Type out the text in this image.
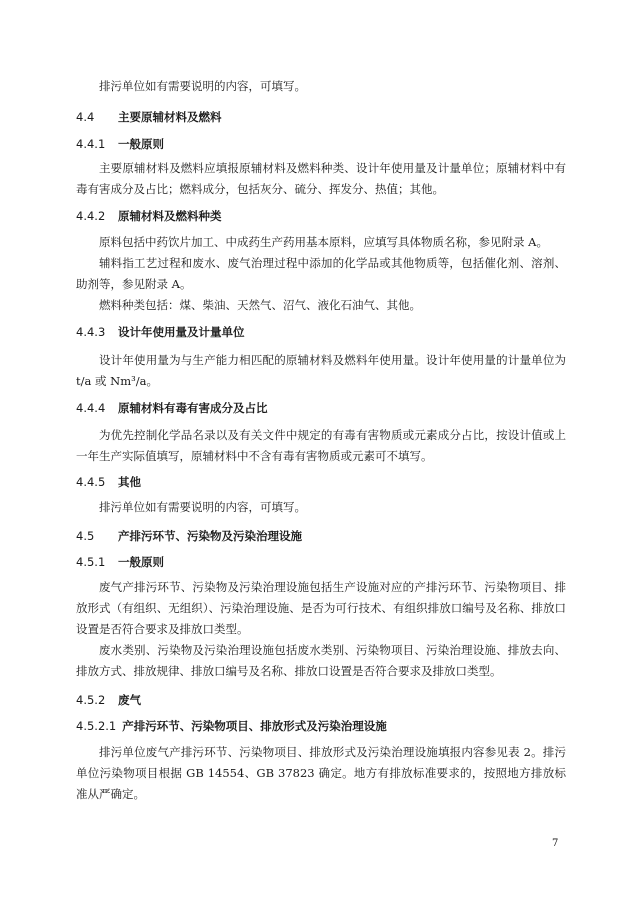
排污单位如有需要说明的内容，可填写。
4.4 主要原辅材料及燃料
4.4.1 一般原则
主要原辅材料及燃料应填报原辅材料及燃料种类、设计年使用量及计量单位；原辅材料中有毒有害成分及占比；燃料成分，包括灰分、硫分、挥发分、热值；其他。
4.4.2 原辅材料及燃料种类
原料包括中药饮片加工、中成药生产药用基本原料，应填写具体物质名称，参见附录 A。
辅料指工艺过程和废水、废气治理过程中添加的化学品或其他物质等，包括催化剂、溶剂、助剂等，参见附录 A。
燃料种类包括：煤、柴油、天然气、沼气、液化石油气、其他。
4.4.3 设计年使用量及计量单位
设计年使用量为与生产能力相匹配的原辅材料及燃料年使用量。设计年使用量的计量单位为 t/a 或 Nm³/a。
4.4.4 原辅材料有毒有害成分及占比
为优先控制化学品名录以及有关文件中规定的有毒有害物质或元素成分占比，按设计值或上一年生产实际值填写，原辅材料中不含有毒有害物质或元素可不填写。
4.4.5 其他
排污单位如有需要说明的内容，可填写。
4.5 产排污环节、污染物及污染治理设施
4.5.1 一般原则
废气产排污环节、污染物及污染治理设施包括生产设施对应的产排污环节、污染物项目、排放形式（有组织、无组织）、污染治理设施、是否为可行技术、有组织排放口编号及名称、排放口设置是否符合要求及排放口类型。
废水类别、污染物及污染治理设施包括废水类别、污染物项目、污染治理设施、排放去向、排放方式、排放规律、排放口编号及名称、排放口设置是否符合要求及排放口类型。
4.5.2 废气
4.5.2.1 产排污环节、污染物项目、排放形式及污染治理设施
排污单位废气产排污环节、污染物项目、排放形式及污染治理设施填报内容参见表 2。排污单位污染物项目根据 GB 14554、GB 37823 确定。地方有排放标准要求的，按照地方排放标准从严确定。
7
